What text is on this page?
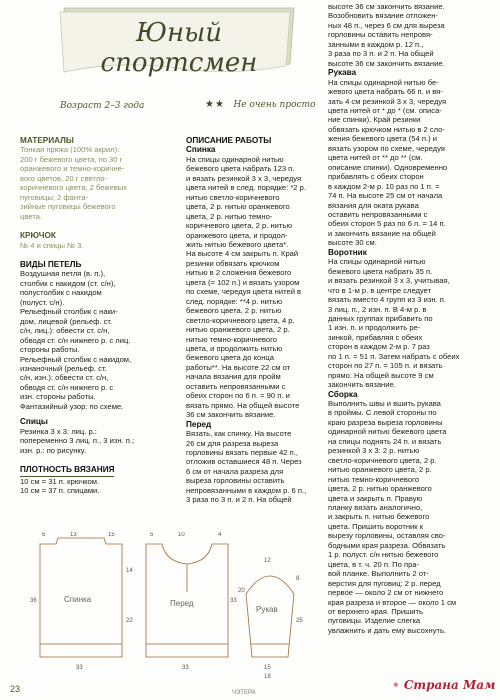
Юный спортсмен
Возраст 2–3 года	★★ Не очень просто
МАТЕРИАЛЫ
Тонкая пряжа (100% акрил):
200 г бежевого цвета, по 30 г
оранжевого и темно-коричне-
вого цветов, 20 г светло-
коричневого цвета; 2 бежевых
пуговицы; 2 фанта-
зийные пуговицы бежевого
цвета.
КРЮЧОК
№ 4 и спицы № 3.
ВИДЫ ПЕТЕЛЬ
Воздушная петля (в. п.),
столбик с накидом (ст. с/н),
полустолбик с накидом
(полуст. с/н).
Рельефный столбик с наки-
дом, лицевой (рельеф. ст.
с/н, лиц.): обвести ст. с/н,
обводя ст. с/н нижнего р. с лиц.
стороны работы.
Рельефный столбик с накидом,
изнаночный (рельеф. ст.
с/н, изн.): обвести ст. с/н,
обводя ст. с/н нижнего р. с
изн. стороны работы.
Фантазийный узор: по схеме.
Спицы
Резинка 3 х 3: лиц. р.:
попеременно 3 лиц. п., 3 изн. п.;
изн. р.: по рисунку.
ПЛОТНОСТЬ ВЯЗАНИЯ
10 см = 31 п. крючком.
10 см = 37 п. спицами.
ОПИСАНИЕ РАБОТЫ
Спинка
На спицы одинарной нитью
бежевого цвета набрать 123 п.
и вязать резинкой 3 х 3, чередуя
цвета нитей в след. порядке: *2 р.
нитью светло-коричневого
цвета, 2 р. нитью оранжевого
цвета, 2 р. нитью темно-
коричневого цвета, 2 р. нитью
оранжевого цвета, и продол-
жить нитью бежевого цвета*.
На высоте 4 см закрыть п. Край
резинки обвязать крючком
нитью в 2 сложения бежевого
цвета (= 102 п.) и вязать узором
по схеме, чередуя цвета нитей в
след. порядке: **4 р. нитью
бежевого цвета, 2 р. нитью
светло-коричневого цвета, 4 р.
нитью оранжевого цвета, 2 р.
нитью темно-коричневого
цвета, и продолжить нитью
бежевого цвета до конца
работы**. На высоте 22 см от
начала вязания для пройм
оставить непровязанными с
обеих сторон по 6 п. = 90 п. и
вязать прямо. На общей высоте
36 см закончить вязание.
Перед
Вязать, как спинку. На высоте
26 см для разреза выреза
горловины вязать первые 42 п.,
отложив оставшиеся 48 п. Через
6 см от начала разреза для
выреза горловины оставить
непровязанными в каждом р. 6 п.,
3 раза по 3 п. и 2 п. На общей
высоте 36 см закончить вязание.
Возобновить вязание отложен-
ных 48 п., через 6 см для выреза
горловины оставить непровя-
занными в каждом р. 12 п.,
3 раза по 3 п. и 2 п. На общей
высоте 36 см закончить вязание.
Рукава
На спицы одинарной нитью бе-
жевого цвета набрать 66 п. и вя-
зать 4 см резинкой 3 х 3, чередуя
цвета нитей от * до * (см. описа-
ние спинки). Край резинки
обвязать крючком нитью в 2 сло-
жения бежевого цвета (54 п.) и
вязать узором по схеме, чередуя
цвета нитей от ** до ** (см.
описание спинки). Одновременно
прибавлять с обеих сторон
в каждом 2-м р. 10 раз по 1 п. =
74 п. На высоте 25 см от начала
вязания для оката рукава
оставить непровязанными с
обеих сторон 5 раз по 6 п. = 14 п.
и закончить вязание на общей
высоте 30 см.
Воротник
На спицы одинарной нитью
бежевого цвета набрать 35 п.
и вязать резинкой 3 х 3, учитывая,
что в 1-м р. в центре следует
вязать вместо 4 групп из 3 изн. п.
3 лиц. п., 2 изн. п. В 4-м р. в
данных группах прибавить по
1 изн. п. и продолжить ре-
зинкой, прибавляя с обеих
сторон в каждом 2-м р. 7 раз
по 1 п. = 51 п. Затем набрать с обеих
сторон по 27 п. = 105 п. и вязать
прямо. На общей высоте 9 см
закончить вязание.
Сборка
Выполнить швы и вшить рукава
в проймы. С левой стороны по
краю разреза выреза горловины
одинарной нитью бежевого цвета
на спицы поднять 24 п. и вязать
резинкой 3 х 3: 2 р. нитью
светло-коричневого цвета, 2 р.
нитью оранжевого цвета, 2 р.
нитью темно-коричневого
цвета, 2 р. нитью оранжевого
цвета и закрыть п. Правую
планку вязать аналогично,
и закрыть п. нитью бежевого
цвета. Пришить воротник к
вырезу горловины, оставляя сво-
бодными края разреза. Обвязать
1 р. полуст. с/н нитью бежевого
цвета, в т. ч. 20 п. По пра-
вой планке. Выполнить 2 от-
верстия для пуговиц: 2 р. перед
первое — около 2 см от нижнего
края разреза и второе — около 1 см
от верхнего края. Пришить
пуговицы. Изделие слегка
увлажнить и дать ему высохнуть.
Спинка
5	13	15
33
36
14
22
Перед
5	10	4
33
33
Рукав
12
8
25
15
20
18
23	ЧЭТЕРА
• Страна Мам
